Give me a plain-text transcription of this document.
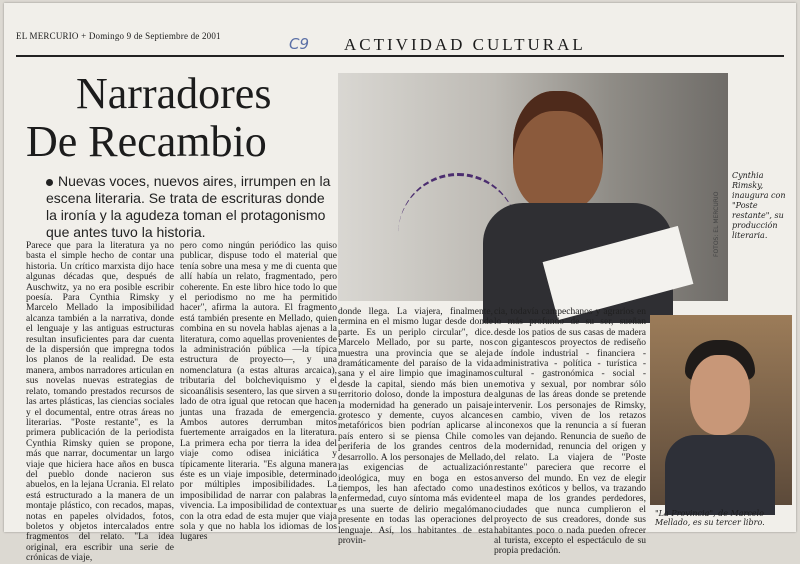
EL MERCURIO + Domingo 9 de Septiembre de 2001	C9 ACTIVIDAD CULTURAL
Narradores
De Recambio
Nuevas voces, nuevos aires, irrumpen en la escena literaria. Se trata de escrituras donde la ironía y la agudeza toman el protagonismo que antes tuvo la historia.
Cynthia Rimsky, inaugura con "Poste restante", su producción literaria.
FOTOS: EL MERCURIO
Parece que para la literatura ya no basta el simple hecho de contar una historia. Un crítico marxista dijo hace algunas décadas que, después de Auschwitz, ya no era posible escribir poesía. Para Cynthia Rimsky y Marcelo Mellado la imposibilidad alcanza también a la narrativa, donde el lenguaje y las antiguas estructuras resultan insuficientes para dar cuenta de la dispersión que impregna todos los planos de la realidad. De esta manera, ambos narradores articulan en sus novelas nuevas estrategias de relato, tomando prestados recursos de las artes plásticas, las ciencias sociales y el documental, entre otras áreas no literarias. "Poste restante", es la primera publicación de la periodista Cynthia Rimsky quien se propone, más que narrar, documentar un largo viaje que hiciera hace años en busca del pueblo donde nacieron sus abuelos, en la lejana Ucrania. El relato está estructurado a la manera de un montaje plástico, con recados, mapas, notas en papeles olvidados, fotos, boletos y objetos intercalados entre fragmentos del relato. "La idea original, era escribir una serie de crónicas de viaje,
pero como ningún periódico las quiso publicar, dispuse todo el material que tenía sobre una mesa y me di cuenta que allí había un relato, fragmentado, pero coherente. En este libro hice todo lo que el periodismo no me ha permitido hacer", afirma la autora. El fragmento está también presente en Mellado, quien combina en su novela hablas ajenas a la literatura, como aquellas provenientes de la administración pública —la típica estructura de proyecto—, y una nomenclatura (a estas alturas arcaica), tributaria del bolcheviquismo y el sicoanálisis sesentero, las que sirven a su lado de otra igual que retocan que hacen juntas una frazada de emergencia. Ambos autores derrumban mitos fuertemente arraigados en la literatura. La primera echa por tierra la idea del viaje como odisea iniciática y típicamente literaria. "Es alguna manera éste es un viaje imposible, determinado por múltiples imposibilidades. La imposibilidad de narrar con palabras la vivencia. La imposibilidad de contextuar con la otra edad de esta mujer que viaja sola y que no habla los idiomas de los lugares
donde llega. La viajera, finalmente, termina en el mismo lugar desde donde parte. Es un periplo circular", dice. Marcelo Mellado, por su parte, nos muestra una provincia que se aleja dramáticamente del paraíso de la vida sana y el aire limpio que imaginamos desde la capital, siendo más bien un territorio doloso, donde la impostura de la modernidad ha generado un paisaje grotesco y demente, cuyos alcances metafóricos bien podrían aplicarse al país entero si se piensa Chile como periferia de los grandes centros de desarrollo. A los personajes de Mellado, las exigencias de actualización ideológica, muy en boga en estos tiempos, les han afectado como una enfermedad, cuyo síntoma más evidente es una suerte de delirio megalómano presente en todas las operaciones del lenguaje. Así, los habitantes de esta provin-
cia, todavía campechanos y agrarios en lo más profundo de su ser, sueñan desde los patios de sus casas de madera con gigantescos proyectos de rediseño de índole industrial - financiera - administrativa - política - turística - cultural - gastronómica - social - emotiva y sexual, por nombrar sólo algunas de las áreas donde se pretende intervenir. Los personajes de Rimsky, en cambio, viven de los retazos inconexos que la renuncia a sí fueran les van dejando. Renuncia de sueño de la modernidad, renuncia del origen y del relato. La viajera de "Poste restante" pareciera que recorre el anverso del mundo. En vez de elegir destinos exóticos y bellos, va trazando el mapa de los grandes perdedores, ciudades que nunca cumplieron el proyecto de sus creadores, donde sus habitantes poco o nada pueden ofrecer al turista, excepto el espectáculo de su propia predación.
"La Provincia", de Marcelo Mellado, es su tercer libro.
